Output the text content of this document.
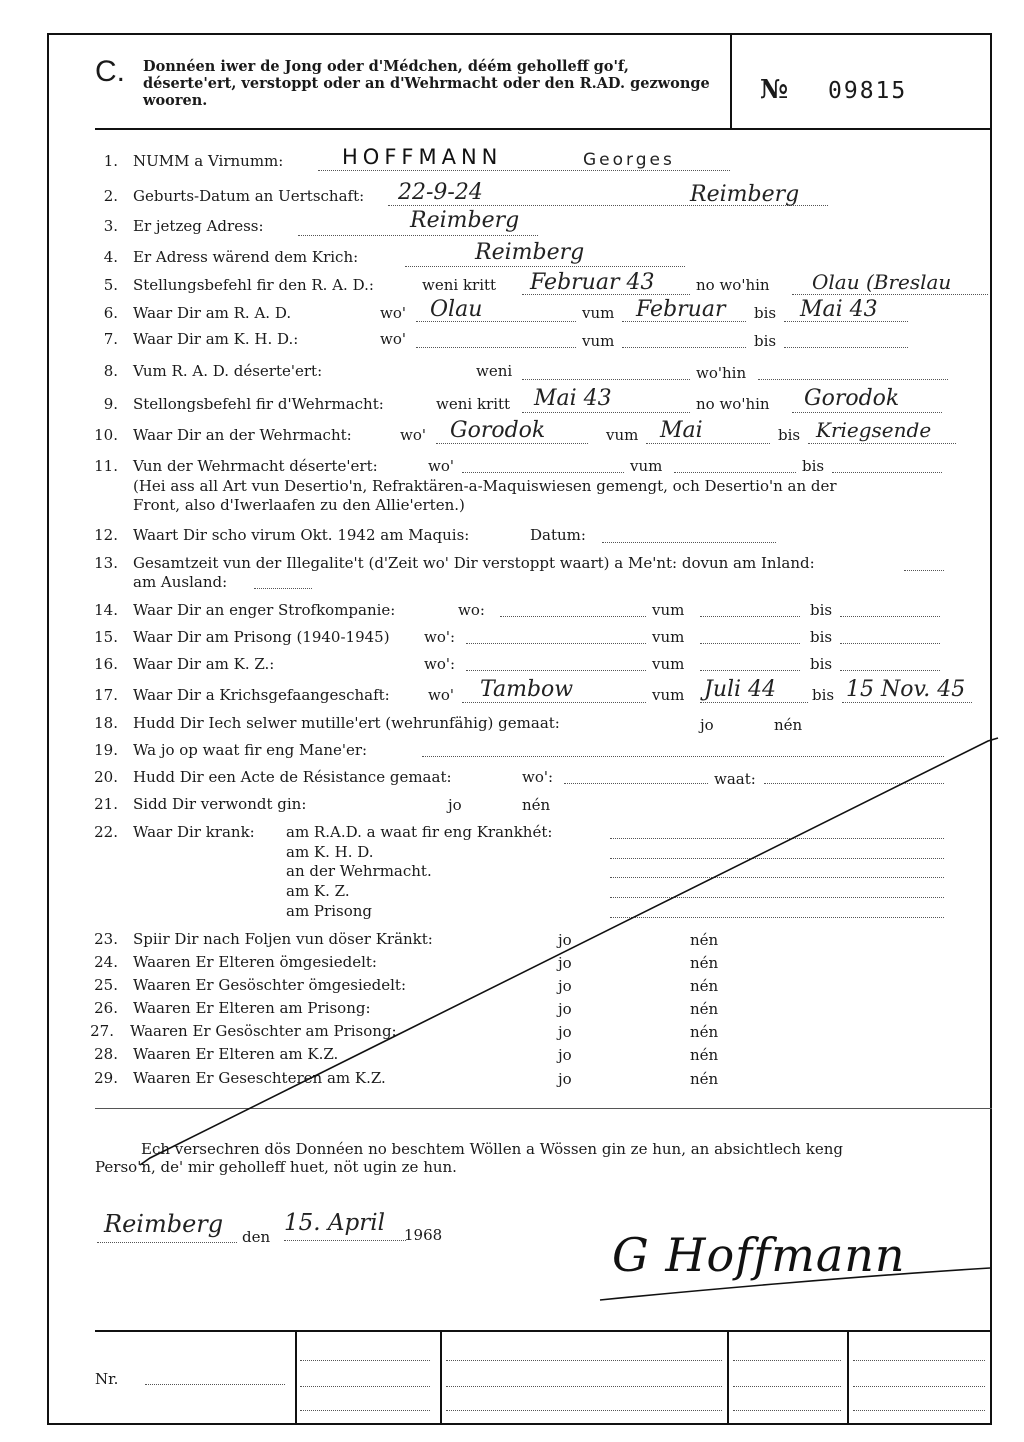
C. Donnéen iwer de Jong oder d'Médchen, déém geholleff go'f, déserte'ert, verstoppt oder an d'Wehrmacht oder den R.AD. gezwonge wooren.	№ 09815
1. NUMM a Virnumm:	HOFFMANN	Georges
2. Geburts-Datum an Uertschaft: 22-9-24	Reimberg
3. Er jetzeg Adress:	Reimberg
4. Er Adress wärend dem Krich:	Reimberg
5. Stellungsbefehl fir den R. A. D.:	weni kritt Februar 43	no wo'hin Olau (Breslau
6. Waar Dir am R. A. D.	wo' Olau	vum Februar bis Mai 43
7. Waar Dir am K. H. D.:	wo'	vum	bis
8. Vum R. A. D. déserte'ert:	weni	wo'hin
9. Stellongsbefehl fir d'Wehrmacht:	weni kritt Mai 43	no wo'hin Gorodok
10. Waar Dir an der Wehrmacht:	wo' Gorodok	vum Mai	bis Kriegsende
11. Vun der Wehrmacht déserte'ert:	wo'	vum	bis
(Hei ass all Art vun Desertio'n, Refraktären-a-Maquiswiesen gemengt, och Desertio'n an der
Front, also d'Iwerlaafen zu den Allie'erten.)
12. Waart Dir scho virum Okt. 1942 am Maquis:	Datum:
13. Gesamtzeit vun der Illegalite't (d'Zeit wo' Dir verstoppt waart) a Me'nt: dovun am Inland:
am Ausland:
14. Waar Dir an enger Strofkompanie:	wo:	vum	bis
15. Waar Dir am Prisong (1940-1945) wo':	vum	bis
16. Waar Dir am K. Z.:	wo':	vum	bis
17. Waar Dir a Krichsgefaangeschaft:	wo' Tambow	vum Juli 44 bis 15 Nov. 45
18. Hudd Dir Iech selwer mutille'ert (wehrunfähig) gemaat:	jo	nén
19. Wa jo op waat fir eng Mane'er:
20. Hudd Dir een Acte de Résistance gemaat:	wo':	waat:
21. Sidd Dir verwondt gin:	jo	nén
22. Waar Dir krank: am R.A.D. a waat fir eng Krankhét:
am K. H. D.
an der Wehrmacht.
am K. Z.
am Prisong
23. Spiir Dir nach Foljen vun döser Kränkt:	jo	nén
24. Waaren Er Elteren ömgesiedelt:	jo	nén
25. Waaren Er Gesöschter ömgesiedelt:	jo	nén
26. Waaren Er Elteren am Prisong:	jo	nén
27. Waaren Er Gesöschter am Prisong:	jo	nén
28. Waaren Er Elteren am K.Z.	jo	nén
29. Waaren Er Geseschteren am K.Z.	jo	nén
Ech versechren dös Donnéen no beschtem Wöllen a Wössen gin ze hun, an absichtlech keng
Perso'n, de' mir geholleff huet, nöt ugin ze hun.
Reimberg den
15. April 1968	G Hoffmann
Nr.
